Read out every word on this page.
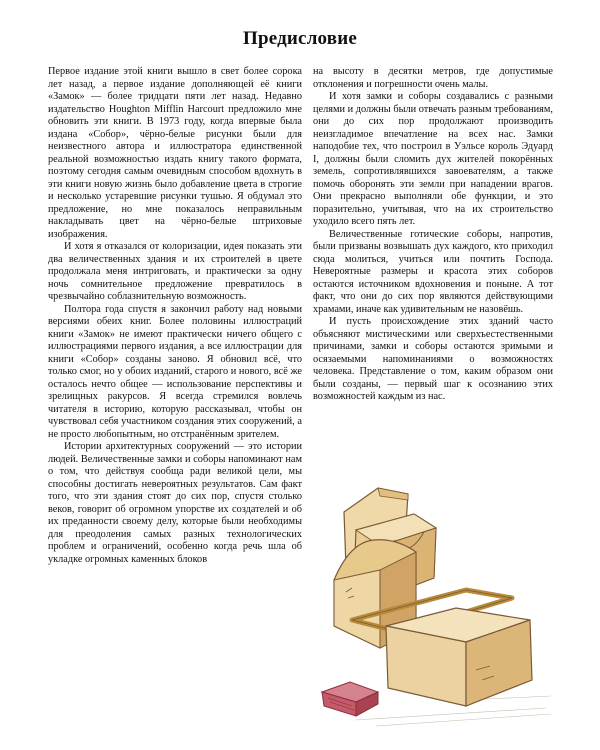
Предисловие

Первое издание этой книги вышло в свет более сорока лет назад, а первое издание дополняющей её книги «Замок» — более тридцати пяти лет назад. Недавно издательство Houghton Mifflin Harcourt предложило мне обновить эти книги. В 1973 году, когда впервые была издана «Собор», чёрно-белые рисунки были для неизвестного автора и иллюстратора единственной реальной возможностью издать книгу такого формата, поэтому сегодня самым очевидным способом вдохнуть в эти книги новую жизнь было добавление цвета в строгие и несколько устаревшие рисунки тушью. Я обдумал это предложение, но мне показалось неправильным накладывать цвет на чёрно-белые штриховые изображения.

И хотя я отказался от колоризации, идея показать эти два величественных здания и их строителей в цвете продолжала меня интриговать, и практически за одну ночь сомнительное предложение превратилось в чрезвычайно соблазнительную возможность.

Полтора года спустя я закончил работу над новыми версиями обеих книг. Более половины иллюстраций книги «Замок» не имеют практически ничего общего с иллюстрациями первого издания, а все иллюстрации для книги «Собор» созданы заново. Я обновил всё, что только смог, но у обоих изданий, старого и нового, всё же осталось нечто общее — использование перспективы и зрелищных ракурсов. Я всегда стремился вовлечь читателя в историю, которую рассказывал, чтобы он чувствовал себя участником создания этих сооружений, а не просто любопытным, но отстранённым зрителем.

Истории архитектурных сооружений — это истории людей. Величественные замки и соборы напоминают нам о том, что действуя сообща ради великой цели, мы способны достигать невероятных результатов. Сам факт того, что эти здания стоят до сих пор, спустя столько веков, говорит об огромном упорстве их создателей и об их преданности своему делу, которые были необходимы для преодоления самых разных технологических проблем и ограничений, особенно когда речь шла об укладке огромных каменных блоков

на высоту в десятки метров, где допустимые отклонения и погрешности очень малы.

И хотя замки и соборы создавались с разными целями и должны были отвечать разным требованиям, они до сих пор продолжают производить неизгладимое впечатление на всех нас. Замки наподобие тех, что построил в Уэльсе король Эдуард I, должны были сломить дух жителей покорённых земель, сопротивлявшихся завоевателям, а также помочь оборонять эти земли при нападении врагов. Они прекрасно выполняли обе функции, и это поразительно, учитывая, что на их строительство уходило всего пять лет.

Величественные готические соборы, напротив, были призваны возвышать дух каждого, кто приходил сюда молиться, учиться или почтить Господа. Невероятные размеры и красота этих соборов остаются источником вдохновения и поныне. А тот факт, что они до сих пор являются действующими храмами, иначе как удивительным не назовёшь.

И пусть происхождение этих зданий часто объясняют мистическими или сверхъестественными причинами, замки и соборы остаются зримыми и осязаемыми напоминаниями о возможностях человека. Представление о том, каким образом они были созданы, — первый шаг к осознанию этих возможностей каждым из нас.
